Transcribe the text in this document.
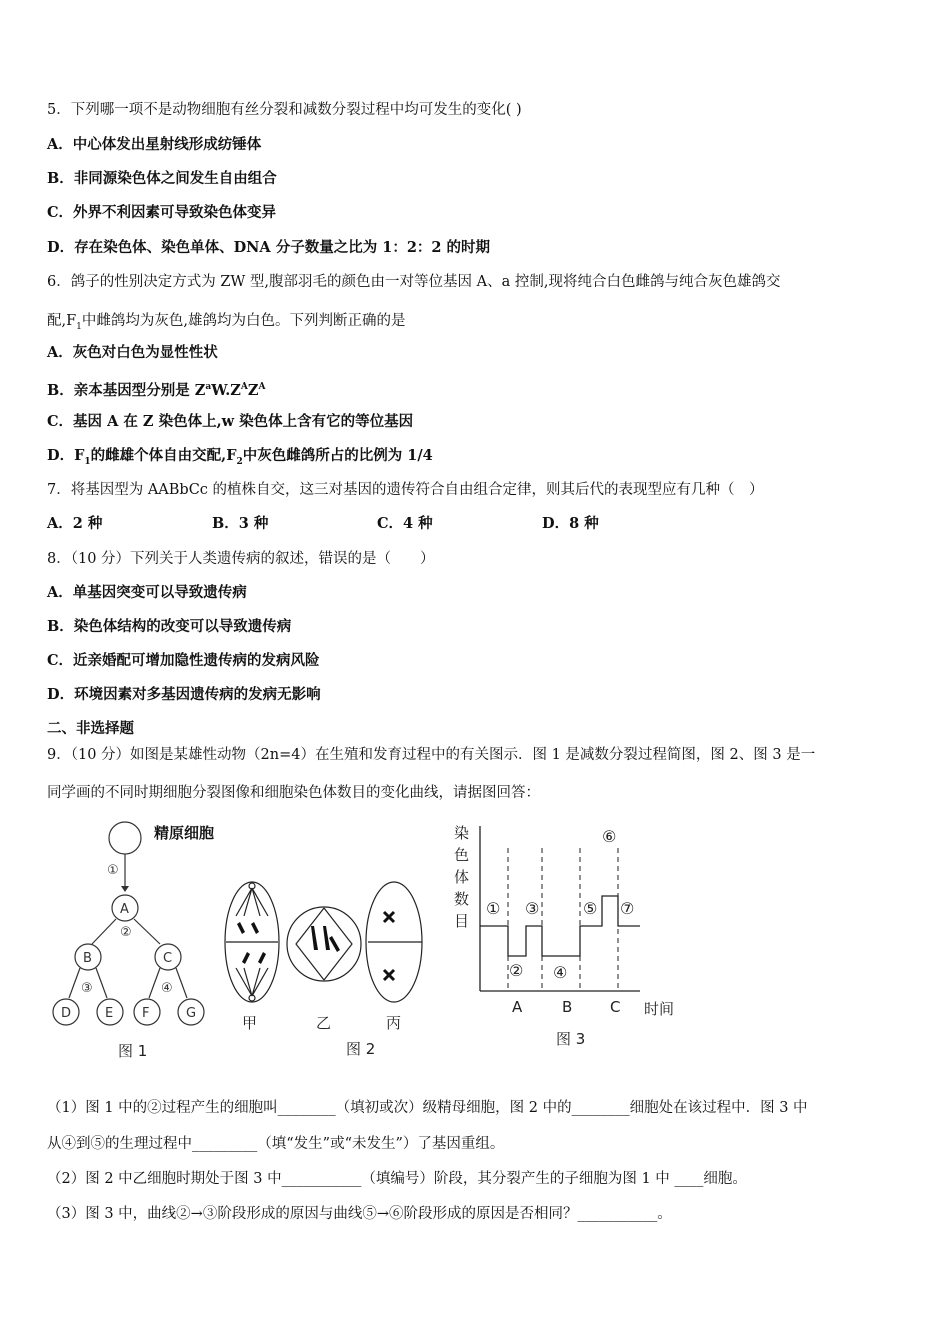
5．下列哪一项不是动物细胞有丝分裂和减数分裂过程中均可发生的变化( )
A．中心体发出星射线形成纺锤体
B．非同源染色体之间发生自由组合
C．外界不利因素可导致染色体变异
D．存在染色体、染色单体、DNA 分子数量之比为 1：2：2 的时期
6．鸽子的性别决定方式为 ZW 型,腹部羽毛的颜色由一对等位基因 A、a 控制,现将纯合白色雌鸽与纯合灰色雄鸽交
配$,F_1$中雌鸽均为灰色,雄鸽均为白色。下列判断正确的是
A．灰色对白色为显性性状
B．亲本基因型分别是 $Z^aW.Z^AZ^A$
C．基因 A 在 Z 染色体上,w 染色体上含有它的等位基因
D．$F_1$的雌雄个体自由交配$,F_2$中灰色雌鸽所占的比例为 1/4
7．将基因型为 AABbCc 的植株自交，这三对基因的遗传符合自由组合定律，则其后代的表现型应有几种（　）
A．2 种	B．3 种	C．4 种	D．8 种
8．（10 分）下列关于人类遗传病的叙述，错误的是（　　）
A．单基因突变可以导致遗传病
B．染色体结构的改变可以导致遗传病
C．近亲婚配可增加隐性遗传病的发病风险
D．环境因素对多基因遗传病的发病无影响
二、非选择题
9．（10 分）如图是某雄性动物（2n=4）在生殖和发育过程中的有关图示．图 1 是减数分裂过程简图，图 2、图 3 是一
同学画的不同时期细胞分裂图像和细胞染色体数目的变化曲线，请据图回答：
精原细胞
①
②
③	④
A
B	C
D	E F	G
图 1
甲	乙	丙
图 2
染
色
体
数
目
①
②
③
④
⑤
⑥
⑦
A	B	C 时间
图 3
（1）图 1 中的②过程产生的细胞叫________（填初或次）级精母细胞，图 2 中的________细胞处在该过程中．图 3 中
从④到⑤的生理过程中_________（填“发生”或“未发生”）了基因重组。
（2）图 2 中乙细胞时期处于图 3 中___________（填编号）阶段，其分裂产生的子细胞为图 1 中 ____细胞。
（3）图 3 中，曲线②→③阶段形成的原因与曲线⑤→⑥阶段形成的原因是否相同？___________。
